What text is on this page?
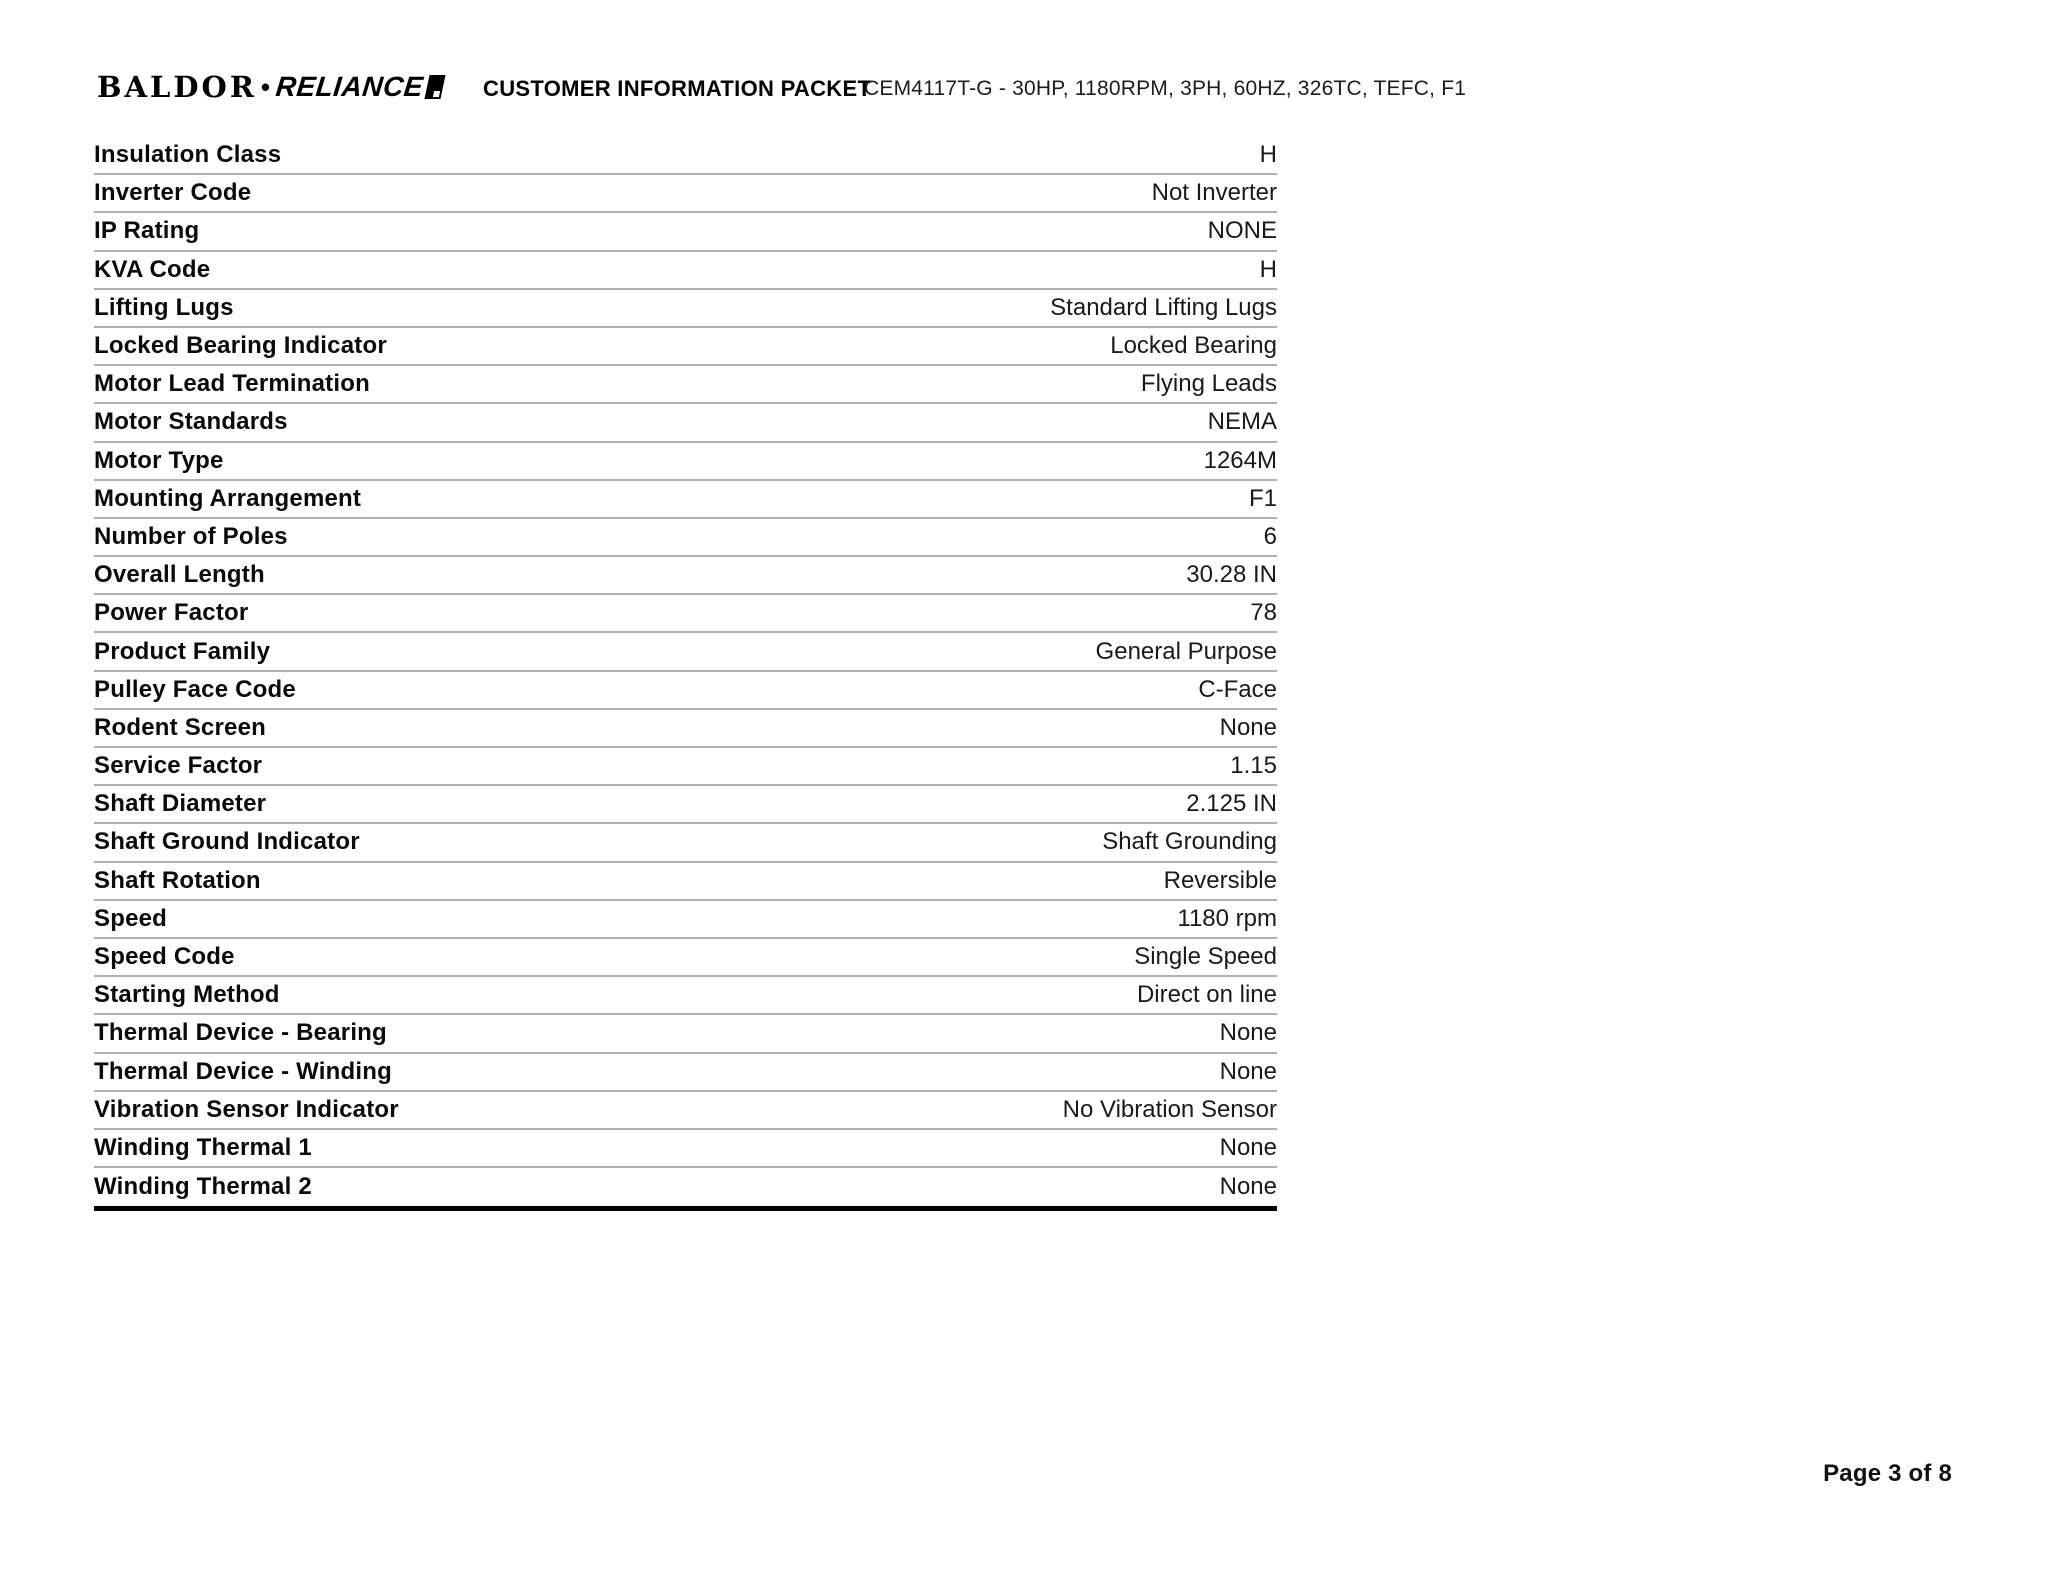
BALDOR • RELIANCE	CUSTOMER INFORMATION PACKET
CEM4117T-G - 30HP, 1180RPM, 3PH, 60HZ, 326TC, TEFC, F1
Insulation Class	H
Inverter Code	Not Inverter
IP Rating	NONE
KVA Code	H
Lifting Lugs	Standard Lifting Lugs
Locked Bearing Indicator	Locked Bearing
Motor Lead Termination	Flying Leads
Motor Standards	NEMA
Motor Type	1264M
Mounting Arrangement	F1
Number of Poles	6
Overall Length	30.28 IN
Power Factor	78
Product Family	General Purpose
Pulley Face Code	C-Face
Rodent Screen	None
Service Factor	1.15
Shaft Diameter	2.125 IN
Shaft Ground Indicator	Shaft Grounding
Shaft Rotation	Reversible
Speed	1180 rpm
Speed Code	Single Speed
Starting Method	Direct on line
Thermal Device - Bearing	None
Thermal Device - Winding	None
Vibration Sensor Indicator	No Vibration Sensor
Winding Thermal 1	None
Winding Thermal 2	None
Page 3 of 8
